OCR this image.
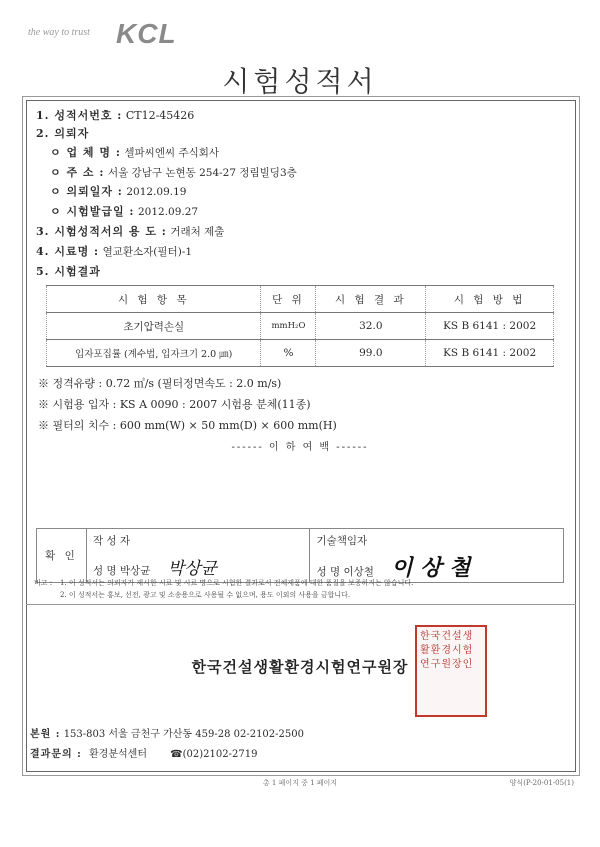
the way to trust KCL
시험성적서
1. 성적서번호 : CT12-45426
2. 의뢰자
ㅇ 업 체 명 : 셀파씨엔씨 주식회사
ㅇ 주 소 : 서울 강남구 논현동 254-27 정림빌딩3층
ㅇ 의뢰일자 : 2012.09.19
ㅇ 시험발급일 : 2012.09.27
3. 시험성적서의 용 도 : 거래처 제출
4. 시료명 : 열교환소자(필터)-1
5. 시험결과
시 험 항 목	단 위	시 험 결 과	시 험 방 법
초기압력손실	mmH₂O	32.0	KS B 6141 : 2002
입자포집률 (계수법, 입자크기 2.0 ㎛)	%	99.0	KS B 6141 : 2002
※ 정격유량 : 0.72 ㎥/s (필터정면속도 : 2.0 m/s)
※ 시험용 입자 : KS A 0090 : 2007 시험용 분체(11종)
※ 필터의 치수 : 600 mm(W) × 50 mm(D) × 600 mm(H)
------ 이 하 여 백 ------
확 인	작 성 자	기술책임자
	성 명 박상균 박상균	성 명 이상철 이 상 철
비고 :	1. 이 성적서는 의뢰자가 제시한 시료 및 시료 명으로 시험한 결과로서 전체제품에 대한 품질을 보증하지는 않습니다.
2. 이 성적서는 홍보, 선전, 광고 및 소송용으로 사용될 수 없으며, 용도 이외의 사용을 금합니다.
한국건설생활환경시험연구원장
한국건설생활환경시험연구원장인
본원 : 153-803 서울 금천구 가산동 459-28 02-2102-2500
결과문의 : 환경분석센터 ☎(02)2102-2719
총 1 페이지 중 1 페이지	양식(P-20-01-05(1)
